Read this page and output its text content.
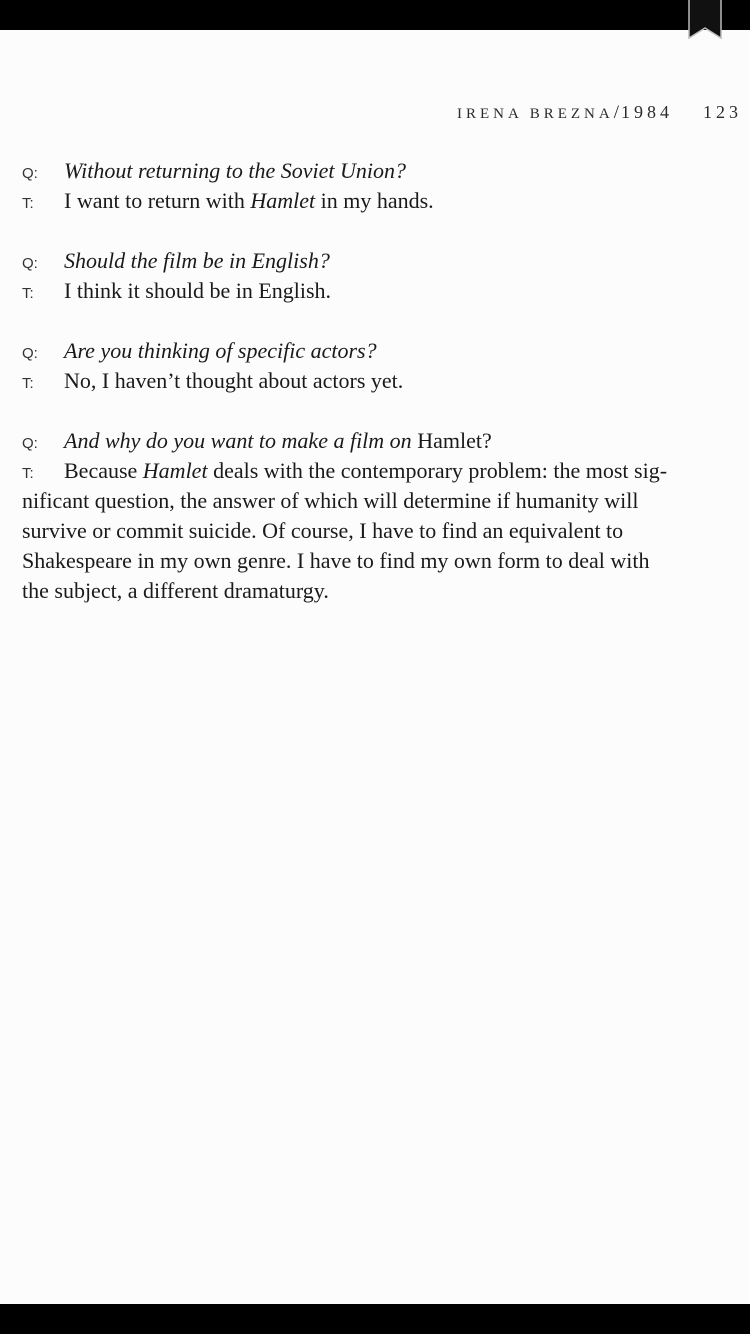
IRENA BREZNA/1984 123
Q: Without returning to the Soviet Union?
T: I want to return with Hamlet in my hands.
Q: Should the film be in English?
T: I think it should be in English.
Q: Are you thinking of specific actors?
T: No, I haven’t thought about actors yet.
Q: And why do you want to make a film on Hamlet?
T: Because Hamlet deals with the contemporary problem: the most sig-
nificant question, the answer of which will determine if humanity will
survive or commit suicide. Of course, I have to find an equivalent to
Shakespeare in my own genre. I have to find my own form to deal with
the subject, a different dramaturgy.
